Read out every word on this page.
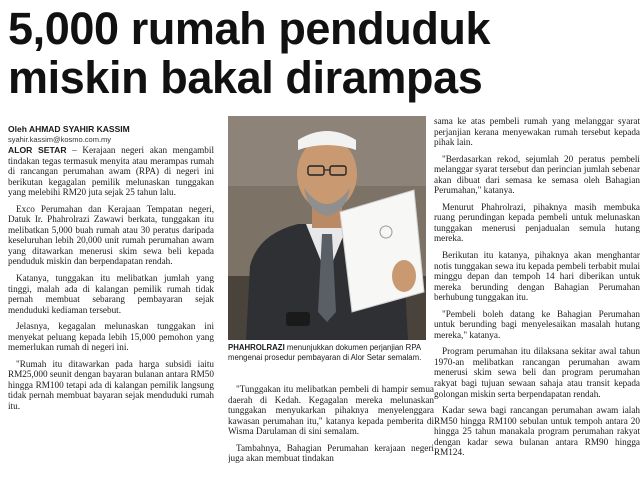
5,000 rumah penduduk
miskin bakal dirampas
Oleh AHMAD SYAHIR KASSIM
syahir.kassim@kosmo.com.my

ALOR SETAR – Kerajaan negeri akan mengambil tindakan tegas termasuk menyita atau merampas rumah di rancangan perumahan awam (RPA) di negeri ini berikutan kegagalan pemilik melunaskan tunggakan yang melebihi RM20 juta sejak 25 tahun lalu.

Exco Perumahan dan Kerajaan Tempatan negeri, Datuk Ir. Phahrolrazi Zawawi berkata, tunggakan itu melibatkan 5,000 buah rumah atau 30 peratus daripada keseluruhan lebih 20,000 unit rumah perumahan awam yang ditawarkan menerusi skim sewa beli kepada penduduk miskin dan berpendapatan rendah.

Katanya, tunggakan itu melibatkan jumlah yang tinggi, malah ada di kalangan pemilik rumah tidak pernah membuat sebarang pembayaran sejak menduduki kediaman tersebut.

Jelasnya, kegagalan melunaskan tunggakan ini menyekat peluang kepada lebih 15,000 pemohon yang memerlukan rumah di negeri ini.

"Rumah itu ditawarkan pada harga subsidi iaitu RM25,000 seunit dengan bayaran bulanan antara RM50 hingga RM100 tetapi ada di kalangan pemilik langsung tidak pernah membuat bayaran sejak menduduki rumah itu.

PHAHROLRAZI menunjukkan dokumen perjanjian RPA mengenai prosedur pembayaran di Alor Setar semalam.

"Tunggakan itu melibatkan pembeli di hampir semua daerah di Kedah. Kegagalan mereka melunaskan tunggakan menyukarkan pihaknya menyelenggara kawasan perumahan itu," katanya kepada pemberita di Wisma Darulaman di sini semalam.

Tambahnya, Bahagian Perumahan kerajaan negeri juga akan membuat tindakan

sama ke atas pembeli rumah yang melanggar syarat perjanjian kerana menyewakan rumah tersebut kepada pihak lain.

"Berdasarkan rekod, sejumlah 20 peratus pembeli melanggar syarat tersebut dan perincian jumlah sebenar akan dibuat dari semasa ke semasa oleh Bahagian Perumahan," katanya.

Menurut Phahrolrazi, pihaknya masih membuka ruang perundingan kepada pembeli untuk melunaskan tunggakan menerusi penjadualan semula hutang mereka.

Berikutan itu katanya, pihaknya akan menghantar notis tunggakan sewa itu kepada pembeli terbabit mulai minggu depan dan tempoh 14 hari diberikan untuk mereka berunding dengan Bahagian Perumahan berhubung tunggakan itu.

"Pembeli boleh datang ke Bahagian Perumahan untuk berunding bagi menyelesaikan masalah hutang mereka," katanya.

Program perumahan itu dilaksana sekitar awal tahun 1970-an melibatkan rancangan perumahan awam menerusi skim sewa beli dan program perumahan rakyat bagi tujuan sewaan sahaja atau transit kepada golongan miskin serta berpendapatan rendah.

Kadar sewa bagi rancangan perumahan awam ialah RM50 hingga RM100 sebulan untuk tempoh antara 20 hingga 25 tahun manakala program perumahan rakyat dengan kadar sewa bulanan antara RM90 hingga RM124.
